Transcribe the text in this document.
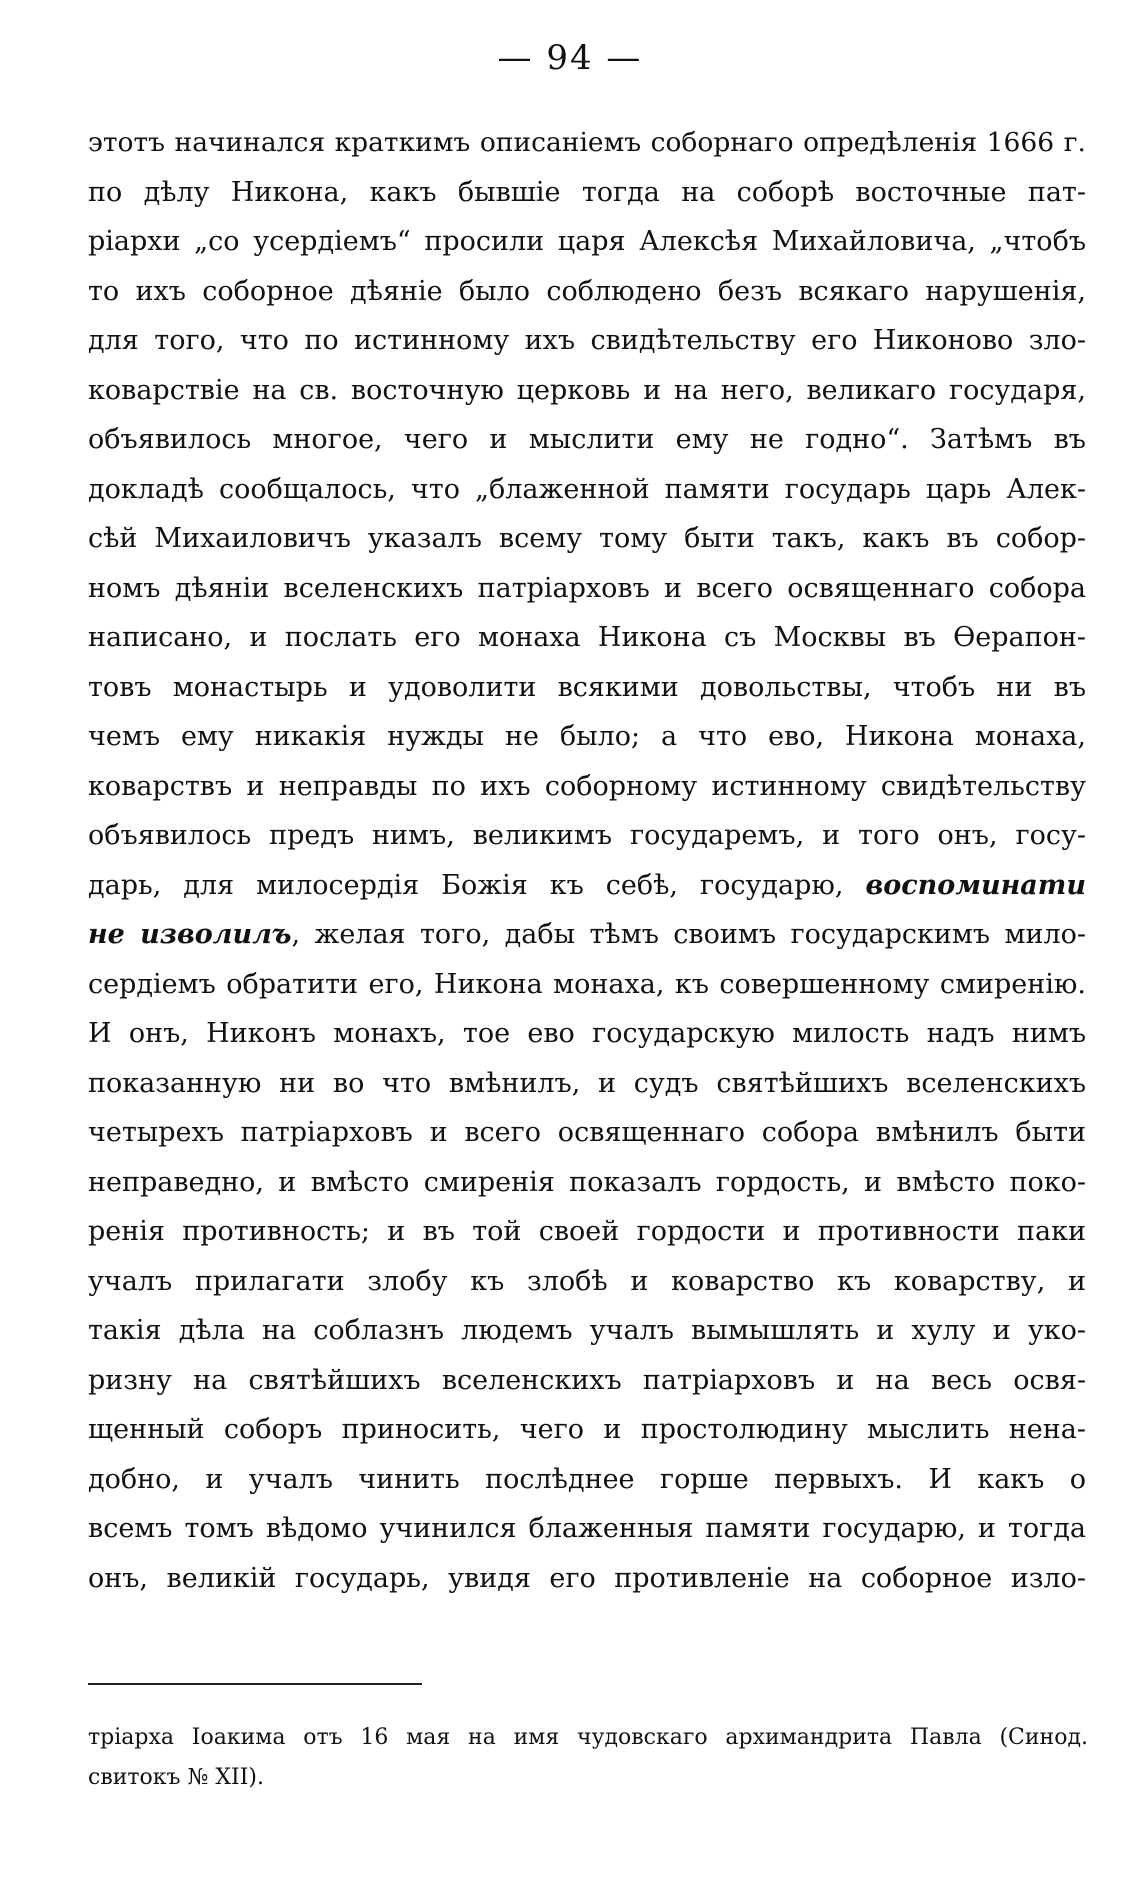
— 94 —
этотъ начинался краткимъ описаніемъ соборнаго опредѣленія 1666 г.
по дѣлу Никона, какъ бывшіе тогда на соборѣ восточные пат-
ріархи „со усердіемъ“ просили царя Алексѣя Михайловича, „чтобъ
то ихъ соборное дѣяніе было соблюдено безъ всякаго нарушенія,
для того, что по истинному ихъ свидѣтельству его Никоново зло-
коварствіе на св. восточную церковь и на него, великаго государя,
объявилось многое, чего и мыслити ему не годно“. Затѣмъ въ
докладѣ сообщалось, что „блаженной памяти государь царь Алек-
сѣй Михаиловичъ указалъ всему тому быти такъ, какъ въ собор-
номъ дѣяніи вселенскихъ патріарховъ и всего освященнаго собора
написано, и послать его монаха Никона съ Москвы въ Ѳерапон-
товъ монастырь и удоволити всякими довольствы, чтобъ ни въ
чемъ ему никакія нужды не было; а что ево, Никона монаха,
коварствъ и неправды по ихъ соборному истинному свидѣтельству
объявилось предъ нимъ, великимъ государемъ, и того онъ, госу-
дарь, для милосердія Божія къ себѣ, государю, воспоминати
не изволилъ, желая того, дабы тѣмъ своимъ государскимъ мило-
сердіемъ обратити его, Никона монаха, къ совершенному смиренію.
И онъ, Никонъ монахъ, тое ево государскую милость надъ нимъ
показанную ни во что вмѣнилъ, и судъ святѣйшихъ вселенскихъ
четырехъ патріарховъ и всего освященнаго собора вмѣнилъ быти
неправедно, и вмѣсто смиренія показалъ гордость, и вмѣсто поко-
ренія противность; и въ той своей гордости и противности паки
учалъ прилагати злобу къ злобѣ и коварство къ коварству, и
такія дѣла на соблазнъ людемъ учалъ вымышлять и хулу и уко-
ризну на святѣйшихъ вселенскихъ патріарховъ и на весь освя-
щенный соборъ приносить, чего и простолюдину мыслить нена-
добно, и учалъ чинить послѣднее горше первыхъ. И какъ о
всемъ томъ вѣдомо учинился блаженныя памяти государю, и тогда
онъ, великій государь, увидя его противленіе на соборное изло-
тріарха Іоакима отъ 16 мая на имя чудовскаго архимандрита Павла (Синод.
свитокъ № XII).
